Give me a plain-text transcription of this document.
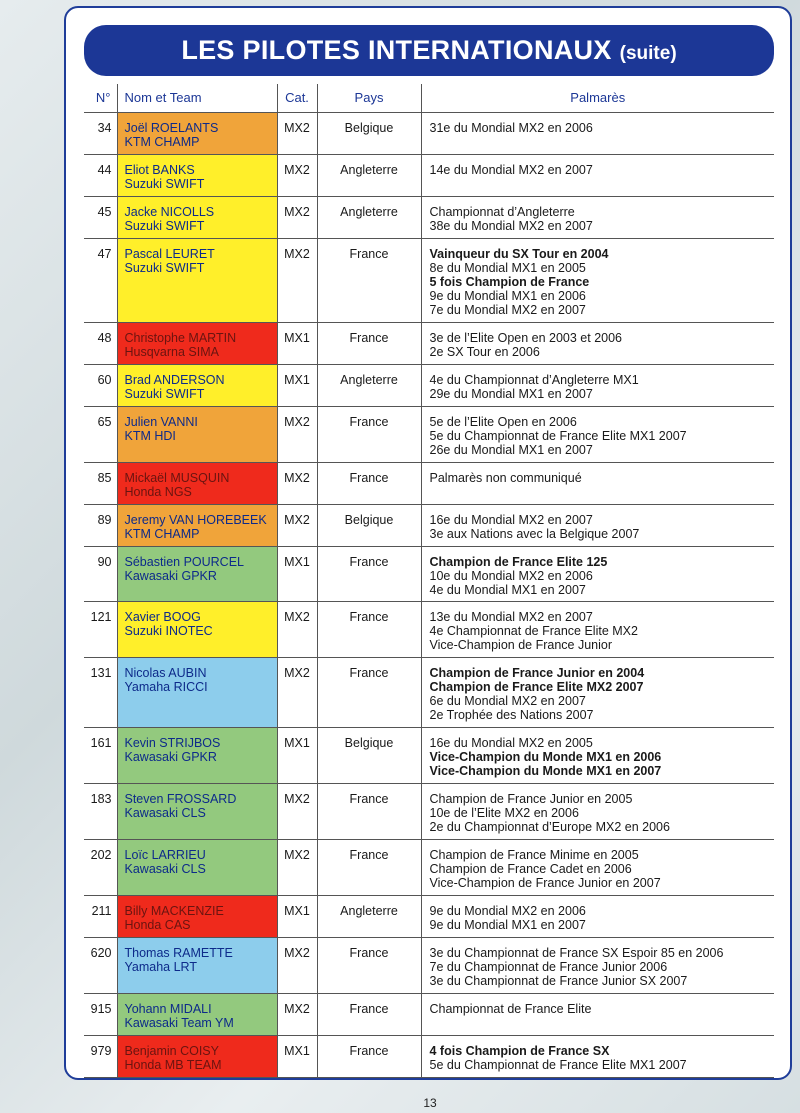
LES PILOTES INTERNATIONAUX (suite)
N°	Nom et Team	Cat.	Pays	Palmarès
34	Joël ROELANTS
KTM CHAMP	MX2	Belgique	31e du Mondial MX2 en 2006

44	Eliot BANKS
Suzuki SWIFT	MX2	Angleterre	14e du Mondial MX2 en 2007

45	Jacke NICOLLS
Suzuki SWIFT	MX2	Angleterre	Championnat d’Angleterre
38e du Mondial MX2 en 2007

47	Pascal LEURET
Suzuki SWIFT	MX2	France	Vainqueur du SX Tour en 2004
8e du Mondial MX1 en 2005
5 fois Champion de France
9e du Mondial MX1 en 2006
7e du Mondial MX2 en 2007

48	Christophe MARTIN
Husqvarna SIMA	MX1	France	3e de l’Elite Open en 2003 et 2006
2e SX Tour en 2006

60	Brad ANDERSON
Suzuki SWIFT	MX1	Angleterre	4e du Championnat d’Angleterre MX1
29e du Mondial MX1 en 2007

65	Julien VANNI
KTM HDI	MX2	France	5e de l’Elite Open en 2006
5e du Championnat de France Elite MX1 2007
26e du Mondial MX1 en 2007

85	Mickaël MUSQUIN
Honda NGS	MX2	France	Palmarès non communiqué

89	Jeremy VAN HOREBEEK
KTM CHAMP	MX2	Belgique	16e du Mondial MX2 en 2007
3e aux Nations avec la Belgique 2007

90	Sébastien POURCEL
Kawasaki GPKR	MX1	France	Champion de France Elite 125
10e du Mondial MX2 en 2006
4e du Mondial MX1 en 2007

121	Xavier BOOG
Suzuki INOTEC	MX2	France	13e du Mondial MX2 en 2007
4e Championnat de France Elite MX2
Vice-Champion de France Junior

131	Nicolas AUBIN
Yamaha RICCI	MX2	France	Champion de France Junior en 2004
Champion de France Elite MX2 2007
6e du Mondial MX2 en 2007
2e Trophée des Nations 2007

161	Kevin STRIJBOS
Kawasaki GPKR	MX1	Belgique	16e du Mondial MX2 en 2005
Vice-Champion du Monde MX1 en 2006
Vice-Champion du Monde MX1 en 2007

183	Steven FROSSARD
Kawasaki CLS	MX2	France	Champion de France Junior en 2005
10e de l’Elite MX2 en 2006
2e du Championnat d’Europe MX2 en 2006

202	Loïc LARRIEU
Kawasaki CLS	MX2	France	Champion de France Minime en 2005
Champion de France Cadet en 2006
Vice-Champion de France Junior en 2007

211	Billy MACKENZIE
Honda CAS	MX1	Angleterre	9e du Mondial MX2 en 2006
9e du Mondial MX1 en 2007

620	Thomas RAMETTE
Yamaha LRT	MX2	France	3e du Championnat de France SX Espoir 85 en 2006
7e du Championnat de France Junior 2006
3e du Championnat de France Junior SX 2007

915	Yohann MIDALI
Kawasaki Team YM	MX2	France	Championnat de France Elite

979	Benjamin COISY
Honda MB TEAM	MX1	France	4 fois Champion de France SX
5e du Championnat de France Elite MX1 2007
13
